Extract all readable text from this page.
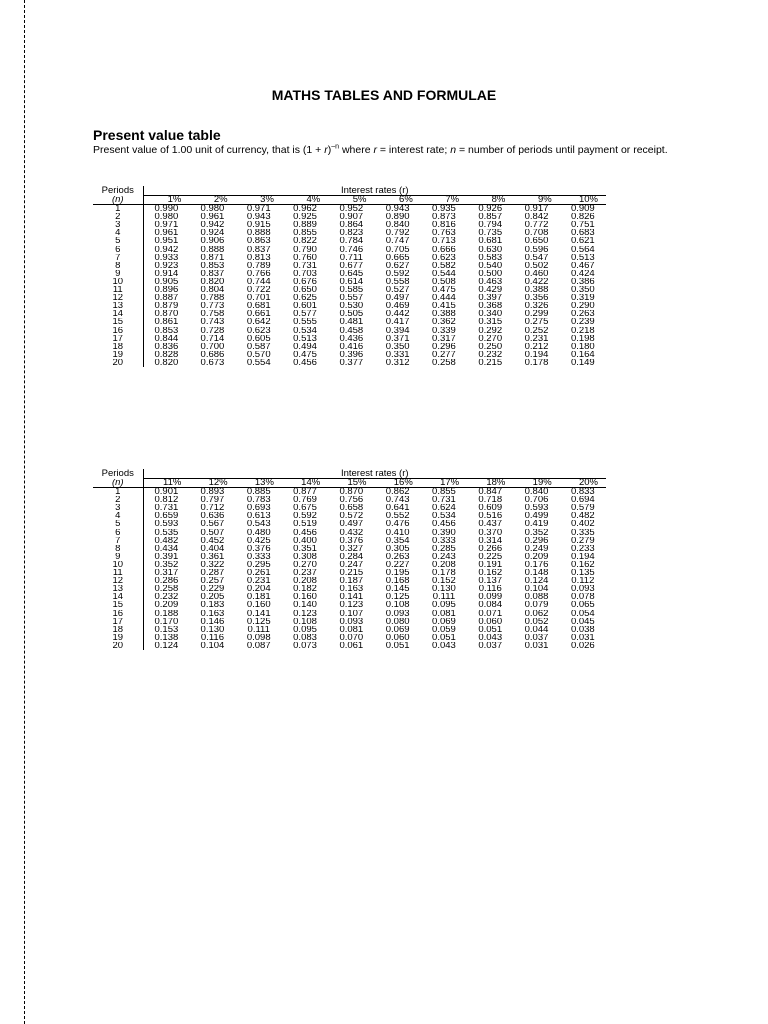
MATHS TABLES AND FORMULAE
Present value table
Present value of 1.00 unit of currency, that is $(1 + r)^{-n}$ where r = interest rate; n = number of periods until payment or receipt.
Periods	Interest rates (r)									
(n)	1%	2%	3%	4%	5%	6%	7%	8%	9%	10%
1	0.990	0.980	0.971	0.962	0.952	0.943	0.935	0.926	0.917	0.909
2	0.980	0.961	0.943	0.925	0.907	0.890	0.873	0.857	0.842	0.826
3	0.971	0.942	0.915	0.889	0.864	0.840	0.816	0.794	0.772	0.751
4	0.961	0.924	0.888	0.855	0.823	0.792	0.763	0.735	0.708	0.683
5	0.951	0.906	0.863	0.822	0.784	0.747	0.713	0.681	0.650	0.621
6	0.942	0.888	0.837	0.790	0.746	0.705	0.666	0.630	0.596	0.564
7	0.933	0.871	0.813	0.760	0.711	0.665	0.623	0.583	0.547	0.513
8	0.923	0.853	0.789	0.731	0.677	0.627	0.582	0.540	0.502	0.467
9	0.914	0.837	0.766	0.703	0.645	0.592	0.544	0.500	0.460	0.424
10	0.905	0.820	0.744	0.676	0.614	0.558	0.508	0.463	0.422	0.386
11	0.896	0.804	0.722	0.650	0.585	0.527	0.475	0.429	0.388	0.350
12	0.887	0.788	0.701	0.625	0.557	0.497	0.444	0.397	0.356	0.319
13	0.879	0.773	0.681	0.601	0.530	0.469	0.415	0.368	0.326	0.290
14	0.870	0.758	0.661	0.577	0.505	0.442	0.388	0.340	0.299	0.263
15	0.861	0.743	0.642	0.555	0.481	0.417	0.362	0.315	0.275	0.239
16	0.853	0.728	0.623	0.534	0.458	0.394	0.339	0.292	0.252	0.218
17	0.844	0.714	0.605	0.513	0.436	0.371	0.317	0.270	0.231	0.198
18	0.836	0.700	0.587	0.494	0.416	0.350	0.296	0.250	0.212	0.180
19	0.828	0.686	0.570	0.475	0.396	0.331	0.277	0.232	0.194	0.164
20	0.820	0.673	0.554	0.456	0.377	0.312	0.258	0.215	0.178	0.149
Periods	Interest rates (r)									
(n)	11%	12%	13%	14%	15%	16%	17%	18%	19%	20%
1	0.901	0.893	0.885	0.877	0.870	0.862	0.855	0.847	0.840	0.833
2	0.812	0.797	0.783	0.769	0.756	0.743	0.731	0.718	0.706	0.694
3	0.731	0.712	0.693	0.675	0.658	0.641	0.624	0.609	0.593	0.579
4	0.659	0.636	0.613	0.592	0.572	0.552	0.534	0.516	0.499	0.482
5	0.593	0.567	0.543	0.519	0.497	0.476	0.456	0.437	0.419	0.402
6	0.535	0.507	0.480	0.456	0.432	0.410	0.390	0.370	0.352	0.335
7	0.482	0.452	0.425	0.400	0.376	0.354	0.333	0.314	0.296	0.279
8	0.434	0.404	0.376	0.351	0.327	0.305	0.285	0.266	0.249	0.233
9	0.391	0.361	0.333	0.308	0.284	0.263	0.243	0.225	0.209	0.194
10	0.352	0.322	0.295	0.270	0.247	0.227	0.208	0.191	0.176	0.162
11	0.317	0.287	0.261	0.237	0.215	0.195	0.178	0.162	0.148	0.135
12	0.286	0.257	0.231	0.208	0.187	0.168	0.152	0.137	0.124	0.112
13	0.258	0.229	0.204	0.182	0.163	0.145	0.130	0.116	0.104	0.093
14	0.232	0.205	0.181	0.160	0.141	0.125	0.111	0.099	0.088	0.078
15	0.209	0.183	0.160	0.140	0.123	0.108	0.095	0.084	0.079	0.065
16	0.188	0.163	0.141	0.123	0.107	0.093	0.081	0.071	0.062	0.054
17	0.170	0.146	0.125	0.108	0.093	0.080	0.069	0.060	0.052	0.045
18	0.153	0.130	0.111	0.095	0.081	0.069	0.059	0.051	0.044	0.038
19	0.138	0.116	0.098	0.083	0.070	0.060	0.051	0.043	0.037	0.031
20	0.124	0.104	0.087	0.073	0.061	0.051	0.043	0.037	0.031	0.026
